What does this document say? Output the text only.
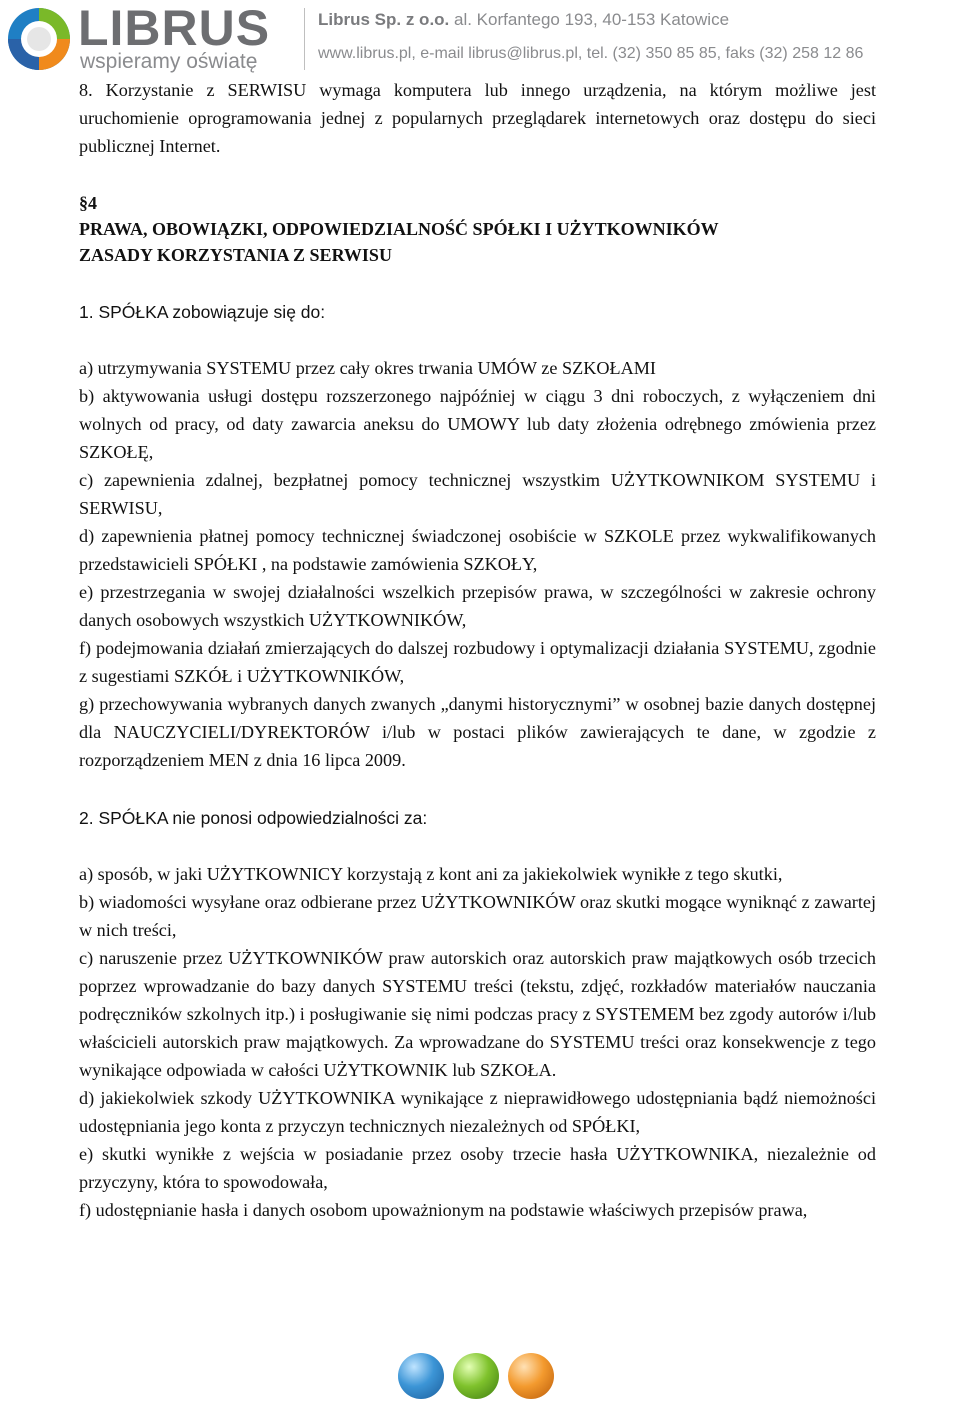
LIBRUS
wspieramy oświatę
Librus Sp. z o.o. al. Korfantego 193, 40-153 Katowice
www.librus.pl, e-mail librus@librus.pl, tel. (32) 350 85 85, faks (32) 258 12 86

8. Korzystanie z SERWISU wymaga komputera lub innego urządzenia, na którym możliwe jest uruchomienie oprogramowania jednej z popularnych przeglądarek internetowych oraz dostępu do sieci publicznej Internet.

§4
PRAWA, OBOWIĄZKI, ODPOWIEDZIALNOŚĆ SPÓŁKI I UŻYTKOWNIKÓW
ZASADY KORZYSTANIA Z SERWISU

1. SPÓŁKA zobowiązuje się do:

a) utrzymywania SYSTEMU przez cały okres trwania UMÓW ze SZKOŁAMI

b) aktywowania usługi dostępu rozszerzonego najpóźniej w ciągu 3 dni roboczych, z wyłączeniem dni wolnych od pracy, od daty zawarcia aneksu do UMOWY lub daty złożenia odrębnego zmówienia przez SZKOŁĘ,

c) zapewnienia zdalnej, bezpłatnej pomocy technicznej wszystkim UŻYTKOWNIKOM SYSTEMU i SERWISU,

d) zapewnienia płatnej pomocy technicznej świadczonej osobiście w SZKOLE przez wykwalifikowanych przedstawicieli SPÓŁKI , na podstawie zamówienia SZKOŁY,

e) przestrzegania w swojej działalności wszelkich przepisów prawa, w szczególności w zakresie ochrony danych osobowych wszystkich UŻYTKOWNIKÓW,

f) podejmowania działań zmierzających do dalszej rozbudowy i optymalizacji działania SYSTEMU, zgodnie z sugestiami SZKÓŁ i UŻYTKOWNIKÓW,

g) przechowywania wybranych danych zwanych „danymi historycznymi” w osobnej bazie danych dostępnej dla NAUCZYCIELI/DYREKTORÓW i/lub w postaci plików zawierających te dane, w zgodzie z rozporządzeniem MEN z dnia 16 lipca 2009.

2. SPÓŁKA nie ponosi odpowiedzialności za:

a) sposób, w jaki UŻYTKOWNICY korzystają z kont ani za jakiekolwiek wynikłe z tego skutki,

b) wiadomości wysyłane oraz odbierane przez UŻYTKOWNIKÓW oraz skutki mogące wyniknąć z zawartej w nich treści,

c) naruszenie przez UŻYTKOWNIKÓW praw autorskich oraz autorskich praw majątkowych osób trzecich poprzez wprowadzanie do bazy danych SYSTEMU treści (tekstu, zdjęć, rozkładów materiałów nauczania podręczników szkolnych itp.) i posługiwanie się nimi podczas pracy z SYSTEMEM bez zgody autorów i/lub właścicieli autorskich praw majątkowych. Za wprowadzane do SYSTEMU treści oraz konsekwencje z tego wynikające odpowiada w całości UŻYTKOWNIK lub SZKOŁA.

d) jakiekolwiek szkody UŻYTKOWNIKA wynikające z nieprawidłowego udostępniania bądź niemożności udostępniania jego konta z przyczyn technicznych niezależnych od SPÓŁKI,

e) skutki wynikłe z wejścia w posiadanie przez osoby trzecie hasła UŻYTKOWNIKA, niezależnie od przyczyny, która to spowodowała,

f) udostępnianie hasła i danych osobom upoważnionym na podstawie właściwych przepisów prawa,
